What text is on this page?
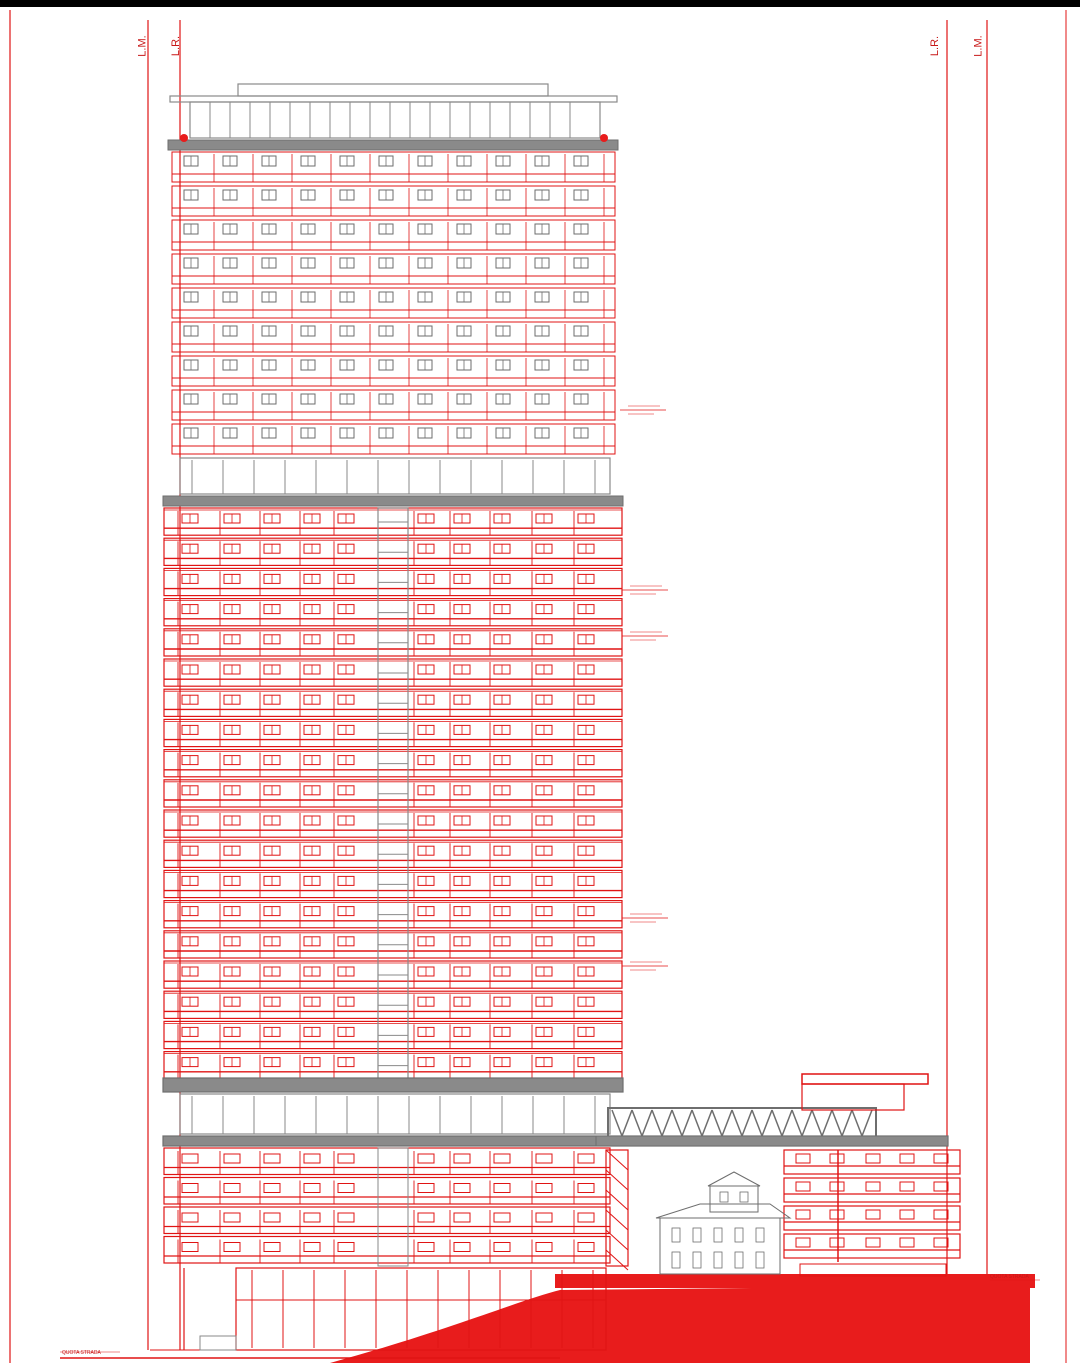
L.M. L.R.	L.R.	L.M.
QUOTA STRADA
QUOTA STRADA
